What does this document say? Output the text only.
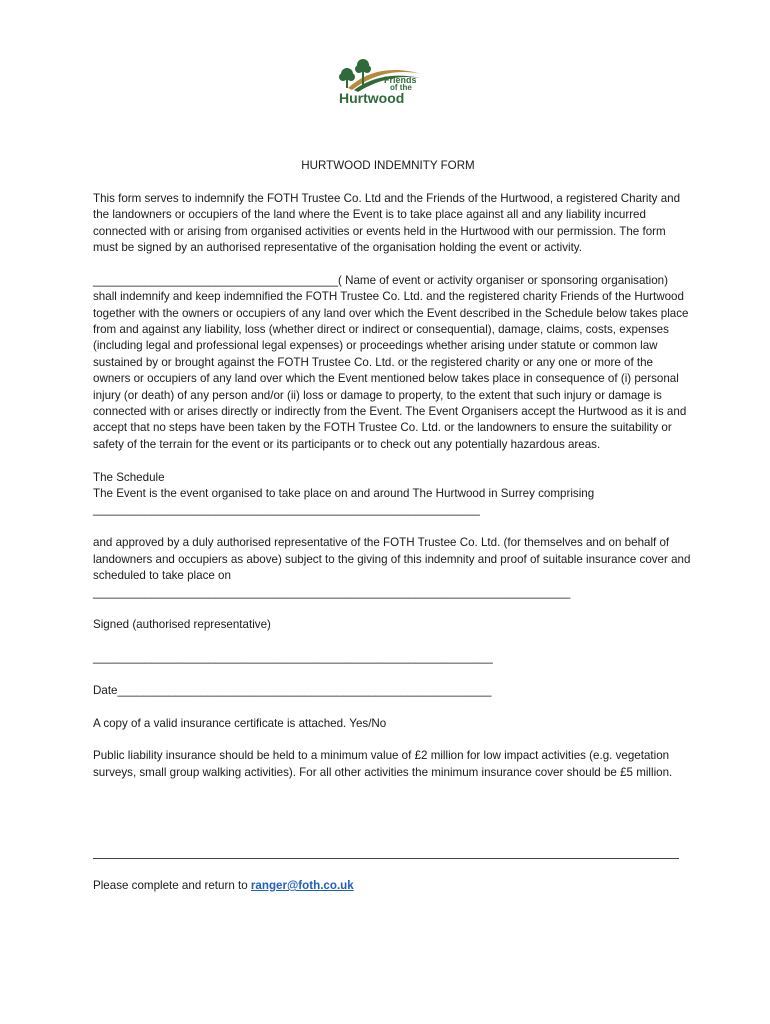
Friends
of the
Hurtwood

HURTWOOD INDEMNITY FORM

This form serves to indemnify the FOTH Trustee Co. Ltd and the Friends of the Hurtwood, a registered Charity and the landowners or occupiers of the land where the Event is to take place against all and any liability incurred connected with or arising from organised activities or events held in the Hurtwood with our permission. The form must be signed by an authorised representative of the organisation holding the event or activity.

______________________________________( Name of event or activity organiser or sponsoring organisation) shall indemnify and keep indemnified the FOTH Trustee Co. Ltd. and the registered charity Friends of the Hurtwood together with the owners or occupiers of any land over which the Event described in the Schedule below takes place from and against any liability, loss (whether direct or indirect or consequential), damage, claims, costs, expenses (including legal and professional legal expenses) or proceedings whether arising under statute or common law sustained by or brought against the FOTH Trustee Co. Ltd. or the registered charity or any one or more of the owners or occupiers of any land over which the Event mentioned below takes place in consequence of (i) personal injury (or death) of any person and/or (ii) loss or damage to property, to the extent that such injury or damage is connected with or arises directly or indirectly from the Event. The Event Organisers accept the Hurtwood as it is and accept that no steps have been taken by the FOTH Trustee Co. Ltd. or the landowners to ensure the suitability or safety of the terrain for the event or its participants or to check out any potentially hazardous areas.

The Schedule

The Event is the event organised to take place on and around The Hurtwood in Surrey comprising

____________________________________________________________

and approved by a duly authorised representative of the FOTH Trustee Co. Ltd. (for themselves and on behalf of landowners and occupiers as above) subject to the giving of this indemnity and proof of suitable insurance cover and scheduled to take place on

__________________________________________________________________________

Signed (authorised representative)

______________________________________________________________

Date__________________________________________________________

A copy of a valid insurance certificate is attached. Yes/No

Public liability insurance should be held to a minimum value of £2 million for low impact activities (e.g. vegetation surveys, small group walking activities). For all other activities the minimum insurance cover should be £5 million.

Please complete and return to ranger@foth.co.uk
